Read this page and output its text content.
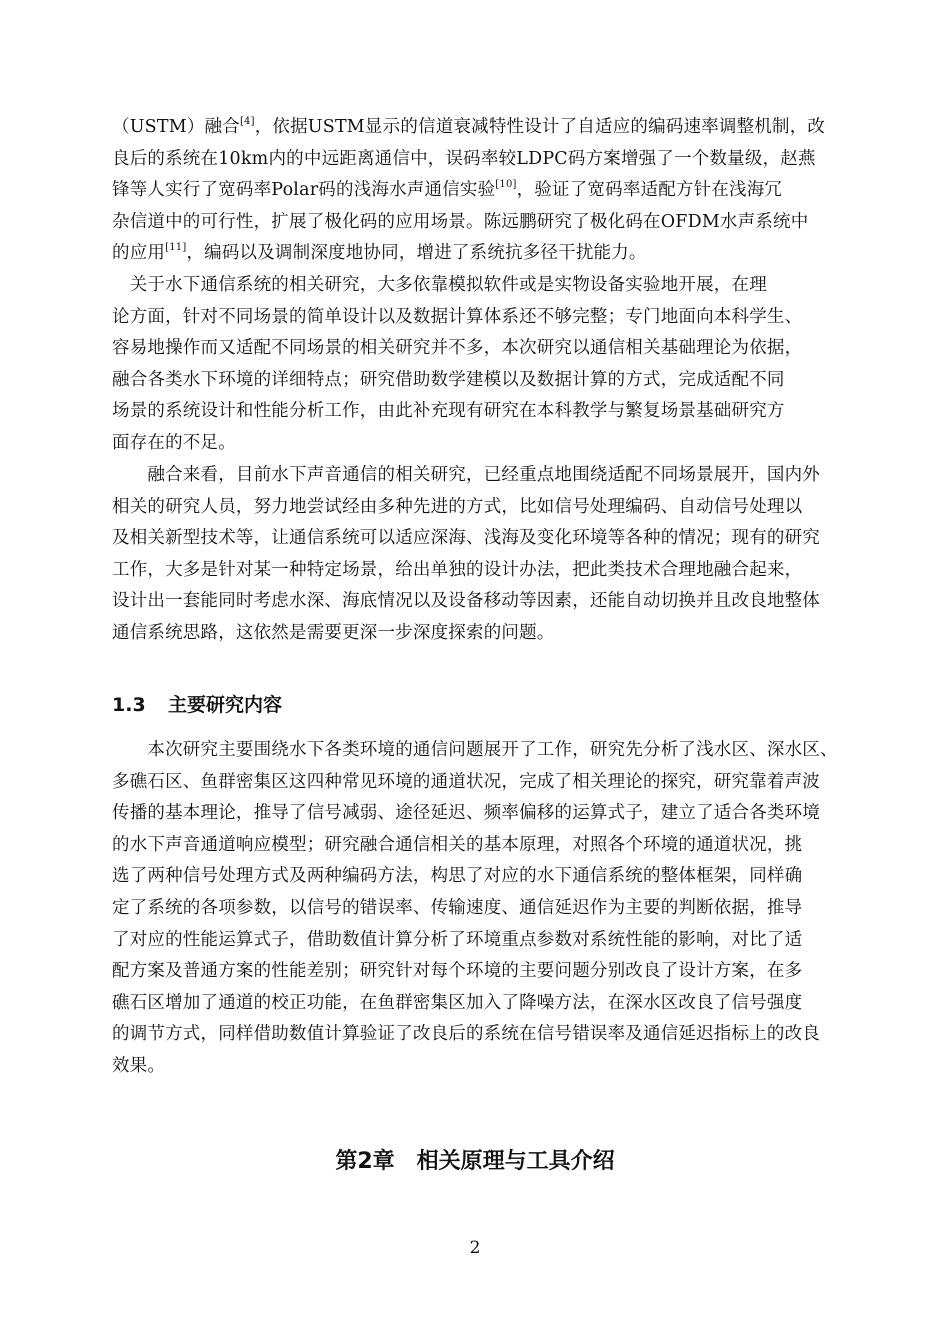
（USTM）融合[4]，依据USTM显示的信道衰减特性设计了自适应的编码速率调整机制，改
良后的系统在10km内的中远距离通信中，误码率较LDPC码方案增强了一个数量级，赵燕
锋等人实行了宽码率Polar码的浅海水声通信实验[10]，验证了宽码率适配方针在浅海冗
杂信道中的可行性，扩展了极化码的应用场景。陈远鹏研究了极化码在OFDM水声系统中
的应用[11]，编码以及调制深度地协同，增进了系统抗多径干扰能力。
　关于水下通信系统的相关研究，大多依靠模拟软件或是实物设备实验地开展，在理
论方面，针对不同场景的简单设计以及数据计算体系还不够完整；专门地面向本科学生、
容易地操作而又适配不同场景的相关研究并不多，本次研究以通信相关基础理论为依据，
融合各类水下环境的详细特点；研究借助数学建模以及数据计算的方式，完成适配不同
场景的系统设计和性能分析工作，由此补充现有研究在本科教学与繁复场景基础研究方
面存在的不足。
　　融合来看，目前水下声音通信的相关研究，已经重点地围绕适配不同场景展开，国内外
相关的研究人员，努力地尝试经由多种先进的方式，比如信号处理编码、自动信号处理以
及相关新型技术等，让通信系统可以适应深海、浅海及变化环境等各种的情况；现有的研究
工作，大多是针对某一种特定场景，给出单独的设计办法，把此类技术合理地融合起来，
设计出一套能同时考虑水深、海底情况以及设备移动等因素，还能自动切换并且改良地整体
通信系统思路，这依然是需要更深一步深度探索的问题。
1.3 主要研究内容
　　本次研究主要围绕水下各类环境的通信问题展开了工作，研究先分析了浅水区、深水区、
多礁石区、鱼群密集区这四种常见环境的通道状况，完成了相关理论的探究，研究靠着声波
传播的基本理论，推导了信号减弱、途径延迟、频率偏移的运算式子，建立了适合各类环境
的水下声音通道响应模型；研究融合通信相关的基本原理，对照各个环境的通道状况，挑
选了两种信号处理方式及两种编码方法，构思了对应的水下通信系统的整体框架，同样确
定了系统的各项参数，以信号的错误率、传输速度、通信延迟作为主要的判断依据，推导
了对应的性能运算式子，借助数值计算分析了环境重点参数对系统性能的影响，对比了适
配方案及普通方案的性能差别；研究针对每个环境的主要问题分别改良了设计方案，在多
礁石区增加了通道的校正功能，在鱼群密集区加入了降噪方法，在深水区改良了信号强度
的调节方式，同样借助数值计算验证了改良后的系统在信号错误率及通信延迟指标上的改良
效果。
第2章 相关原理与工具介绍
2
